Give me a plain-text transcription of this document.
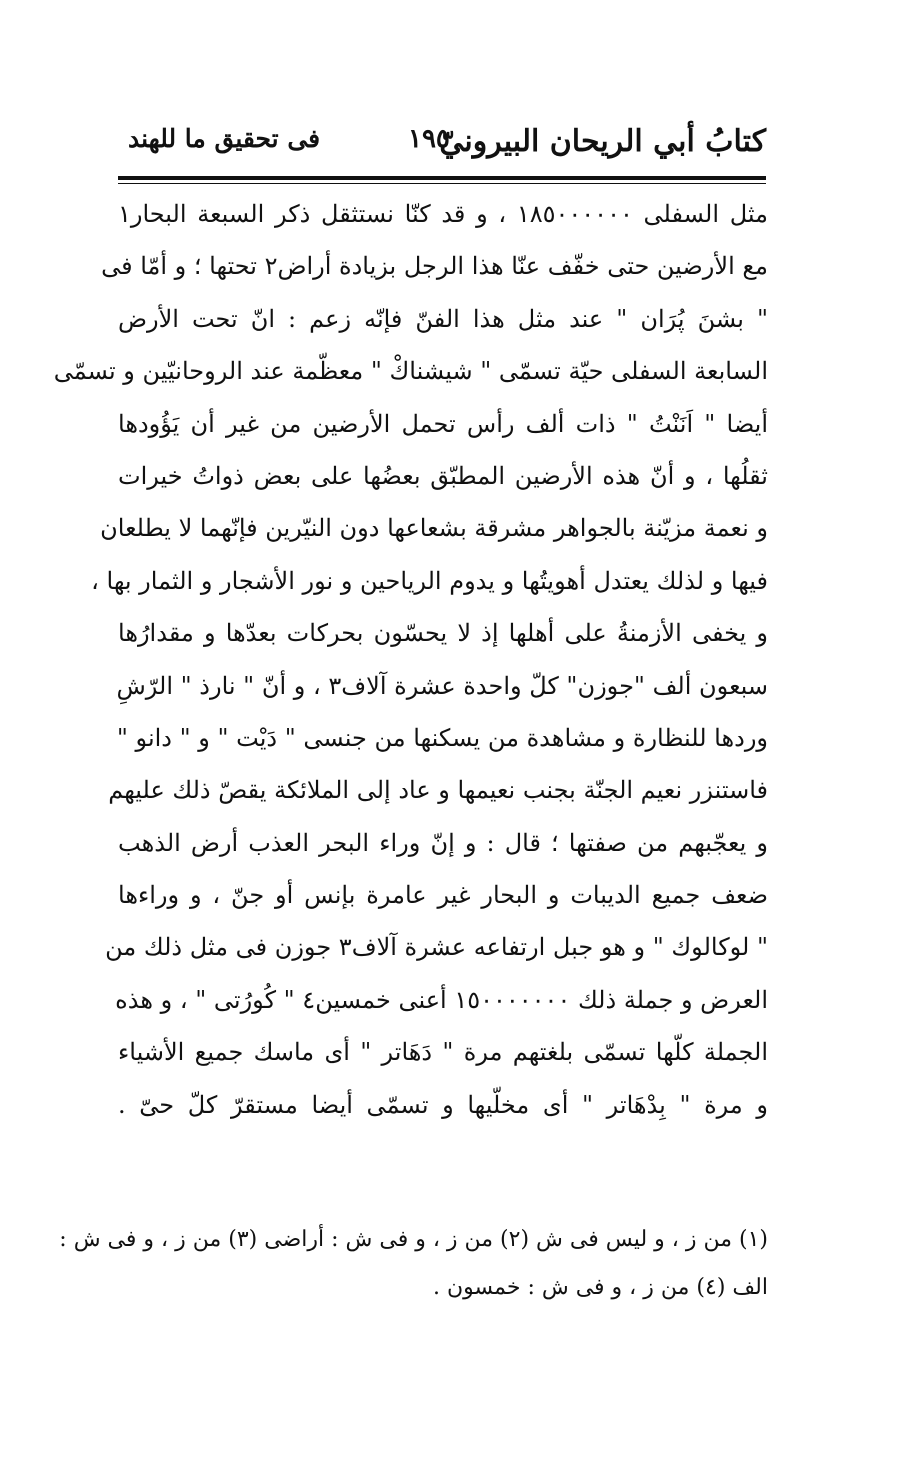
كتابُ أبي الريحان البيرونيّ
١٩٥
فى تحقيق ما للهند
مثل السفلى ١٨٥٠٠٠٠٠٠ ، و قد كنّا نستثقل ذكر السبعة البحار١
مع الأرضين حتى خفّف عنّا هذا الرجل بزيادة أراض٢ تحتها ؛ و أمّا فى
" بشنَ پُرَان " عند مثل هذا الفنّ فإنّه زعم : انّ تحت الأرض
السابعة السفلى حيّة تسمّى " شيشناكْ " معظّمة عند الروحانيّين و تسمّى
أيضا " اَنَنْتُ " ذات ألف رأس تحمل الأرضين من غير أن يَؤُودها
ثقلُها ، و أنّ هذه الأرضين المطبّق بعضُها على بعض ذواتُ خيرات
و نعمة مزيّنة بالجواهر مشرقة بشعاعها دون النيّرين فإنّهما لا يطلعان
فيها و لذلك يعتدل أهويتُها و يدوم الرياحين و نور الأشجار و الثمار بها ،
و يخفى الأزمنةُ على أهلها إذ لا يحسّون بحركات بعدّها و مقدارُها
سبعون ألف "جوزن" كلّ واحدة عشرة آلاف٣ ، و أنّ " نارذ " الرّشِ
وردها للنظارة و مشاهدة من يسكنها من جنسى " دَيْت " و " دانو "
فاستنزر نعيم الجنّة بجنب نعيمها و عاد إلى الملائكة يقصّ ذلك عليهم
و يعجّبهم من صفتها ؛ قال : و إنّ وراء البحر العذب أرض الذهب
ضعف جميع الديبات و البحار غير عامرة بإنس أو جنّ ، و وراءها
" لوكالوك " و هو جبل ارتفاعه عشرة آلاف٣ جوزن فى مثل ذلك من
العرض و جملة ذلك ١٥٠٠٠٠٠٠٠ أعنى خمسين٤ " كُورُتى " ، و هذه
الجملة كلّها تسمّى بلغتهم مرة " دَهَاتر " أى ماسك جميع الأشياء
و مرة " بِدْهَاتر " أى مخلّيها و تسمّى أيضا مستقرّ كلّ حىّ .
(١) من ز ، و ليس فى ش (٢) من ز ، و فى ش : أراضى (٣) من ز ، و فى ش :
الف (٤) من ز ، و فى ش : خمسون .
